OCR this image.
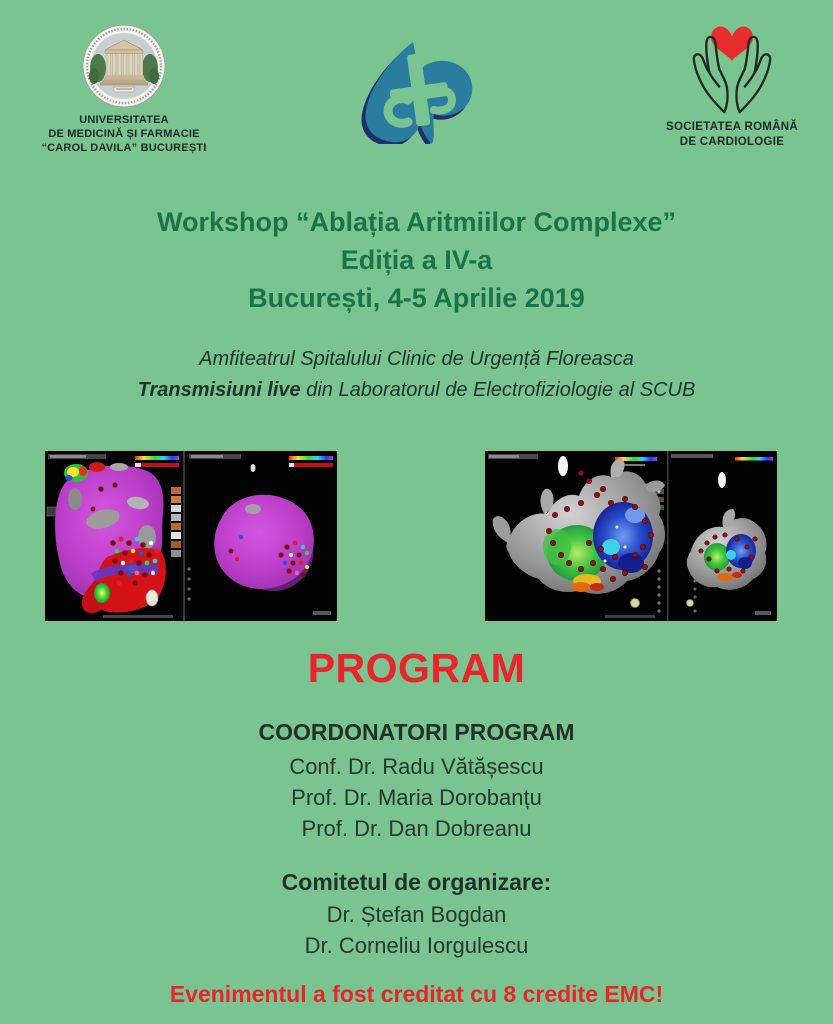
UNIVERSITATEA
DE MEDICINĂ ȘI FARMACIE
“CAROL DAVILA” BUCUREȘTI
SOCIETATEA ROMÂNĂ
DE CARDIOLOGIE
Workshop “Ablația Aritmiilor Complexe”
Ediția a IV-a
București, 4-5 Aprilie 2019
Amfiteatrul Spitalului Clinic de Urgență Floreasca
Transmisiuni live din Laboratorul de Electrofiziologie al SCUB
PROGRAM
COORDONATORI PROGRAM
Conf. Dr. Radu Vătășescu
Prof. Dr. Maria Dorobanțu
Prof. Dr. Dan Dobreanu
Comitetul de organizare:
Dr. Ștefan Bogdan
Dr. Corneliu Iorgulescu
Evenimentul a fost creditat cu 8 credite EMC!
